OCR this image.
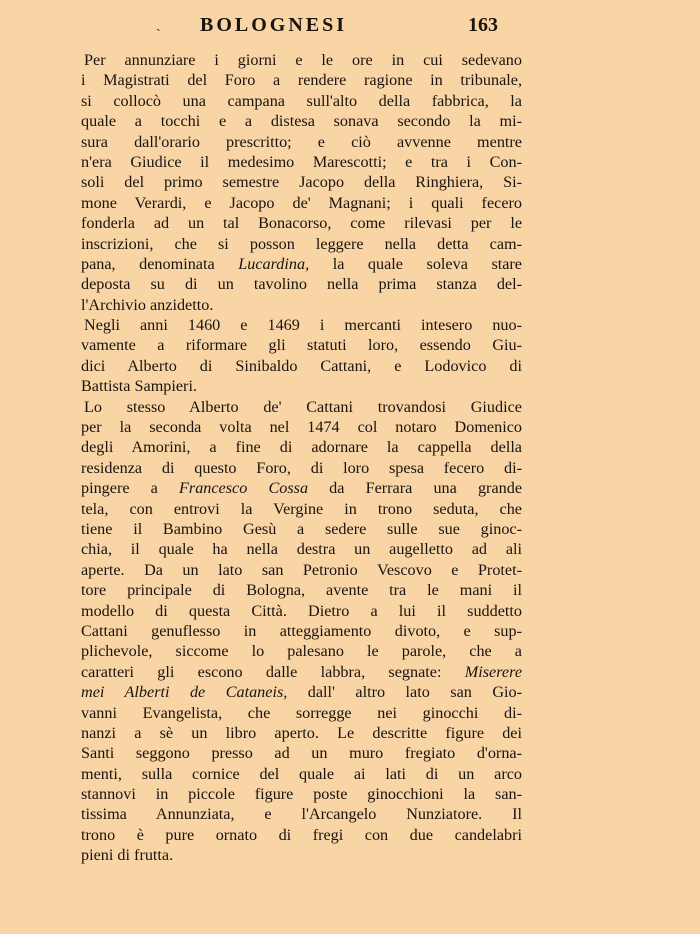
ˎ BOLOGNESI	163
Per annunziare i giorni e le ore in cui sedevano
i Magistrati del Foro a rendere ragione in tribunale,
si collocò una campana sull'alto della fabbrica, la
quale a tocchi e a distesa sonava secondo la mi-
sura dall'orario prescritto; e ciò avvenne mentre
n'era Giudice il medesimo Marescotti; e tra i Con-
soli del primo semestre Jacopo della Ringhiera, Si-
mone Verardi, e Jacopo de' Magnani; i quali fecero
fonderla ad un tal Bonacorso, come rilevasi per le
inscrizioni, che si posson leggere nella detta cam-
pana, denominata Lucardina, la quale soleva stare
deposta su di un tavolino nella prima stanza del-
l'Archivio anzidetto.
Negli anni 1460 e 1469 i mercanti intesero nuo-
vamente a riformare gli statuti loro, essendo Giu-
dici Alberto di Sinibaldo Cattani, e Lodovico di
Battista Sampieri.
Lo stesso Alberto de' Cattani trovandosi Giudice
per la seconda volta nel 1474 col notaro Domenico
degli Amorini, a fine di adornare la cappella della
residenza di questo Foro, di loro spesa fecero di-
pingere a Francesco Cossa da Ferrara una grande
tela, con entrovi la Vergine in trono seduta, che
tiene il Bambino Gesù a sedere sulle sue ginoc-
chia, il quale ha nella destra un augelletto ad ali
aperte. Da un lato san Petronio Vescovo e Protet-
tore principale di Bologna, avente tra le mani il
modello di questa Città. Dietro a lui il suddetto
Cattani genuflesso in atteggiamento divoto, e sup-
plichevole, siccome lo palesano le parole, che a
caratteri gli escono dalle labbra, segnate: Miserere
mei Alberti de Cataneis, dall' altro lato san Gio-
vanni Evangelista, che sorregge nei ginocchi di-
nanzi a sè un libro aperto. Le descritte figure dei
Santi seggono presso ad un muro fregiato d'orna-
menti, sulla cornice del quale ai lati di un arco
stannovi in piccole figure poste ginocchioni la san-
tissima Annunziata, e l'Arcangelo Nunziatore. Il
trono è pure ornato di fregi con due candelabri
pieni di frutta.
